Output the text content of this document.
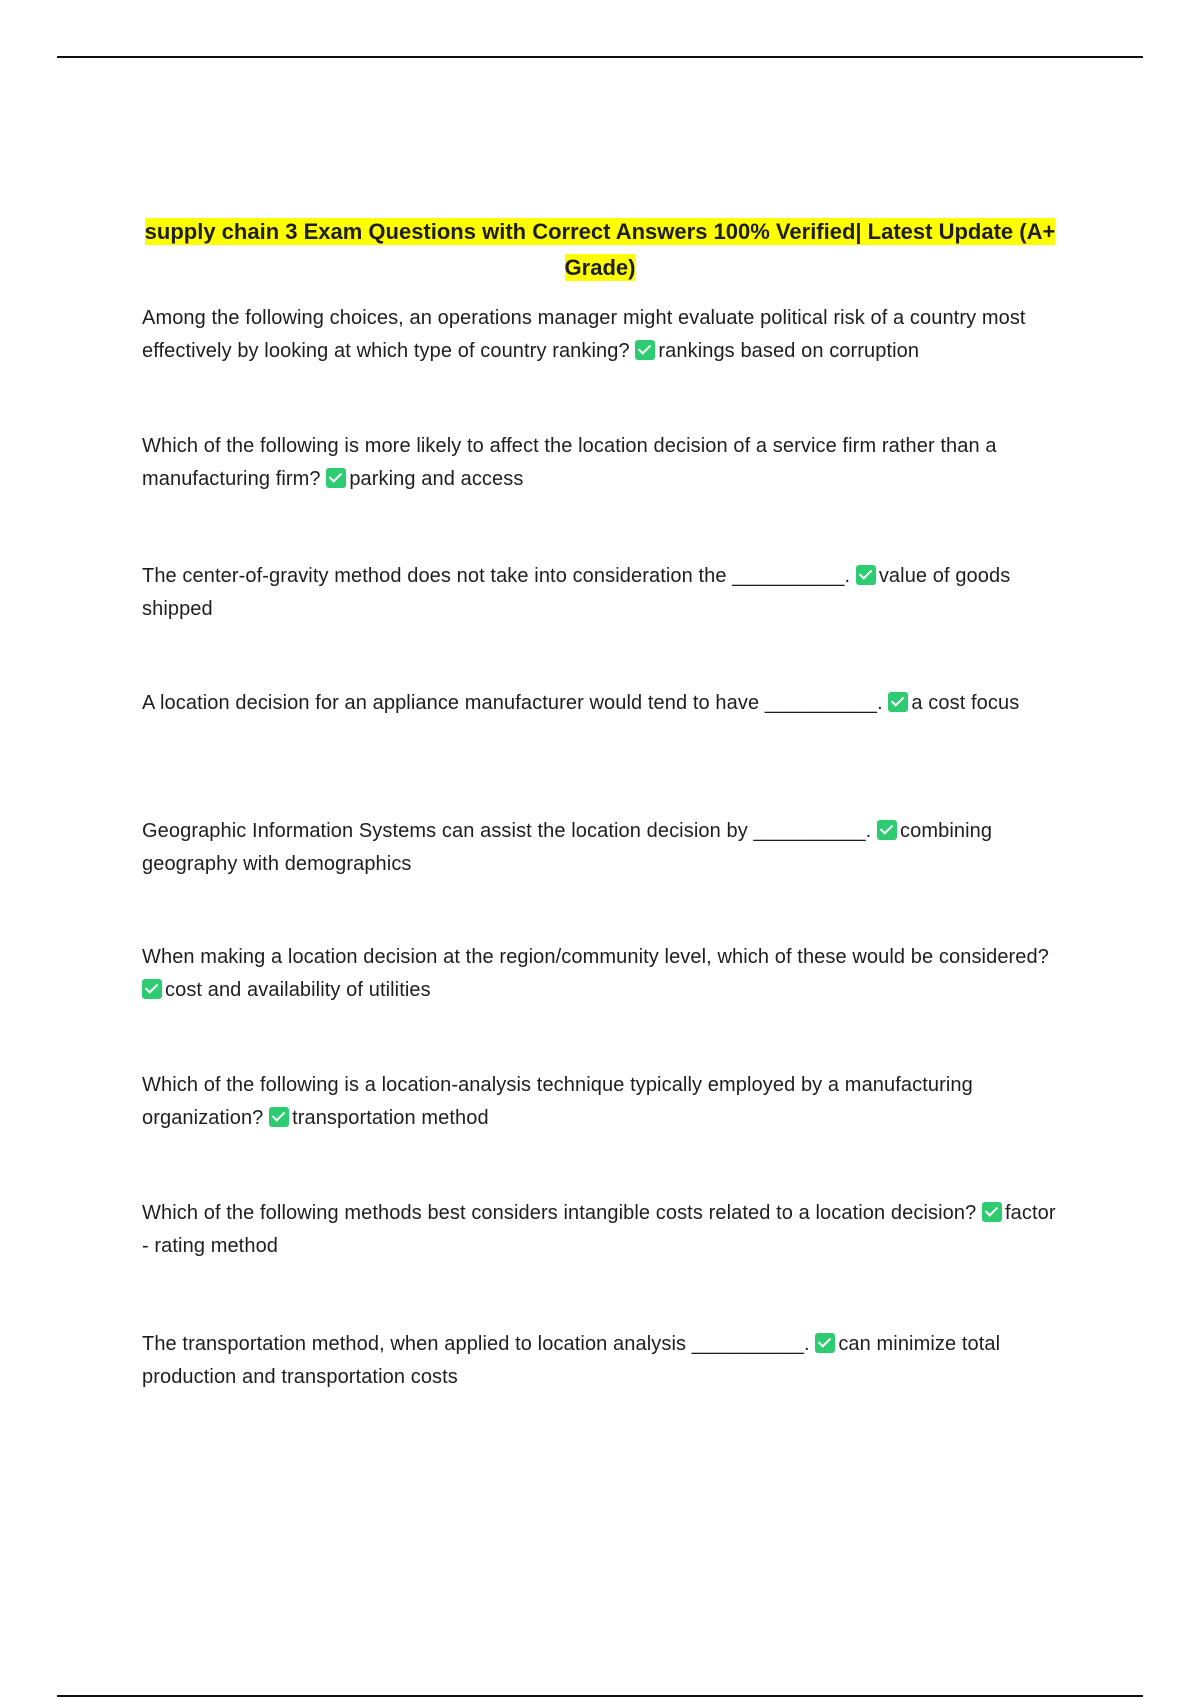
supply chain 3 Exam Questions with Correct Answers 100% Verified| Latest Update (A+ Grade)
Among the following choices, an operations manager might evaluate political risk of a country most effectively by looking at which type of country ranking? rankings based on corruption
Which of the following is more likely to affect the location decision of a service firm rather than a manufacturing firm? parking and access
The center-of-gravity method does not take into consideration the __________. value of goods shipped
A location decision for an appliance manufacturer would tend to have __________. a cost focus
Geographic Information Systems can assist the location decision by __________. combining geography with demographics
When making a location decision at the region/community level, which of these would be considered? cost and availability of utilities
Which of the following is a location-analysis technique typically employed by a manufacturing organization? transportation method
Which of the following methods best considers intangible costs related to a location decision? factor - rating method
The transportation method, when applied to location analysis __________. can minimize total production and transportation costs
